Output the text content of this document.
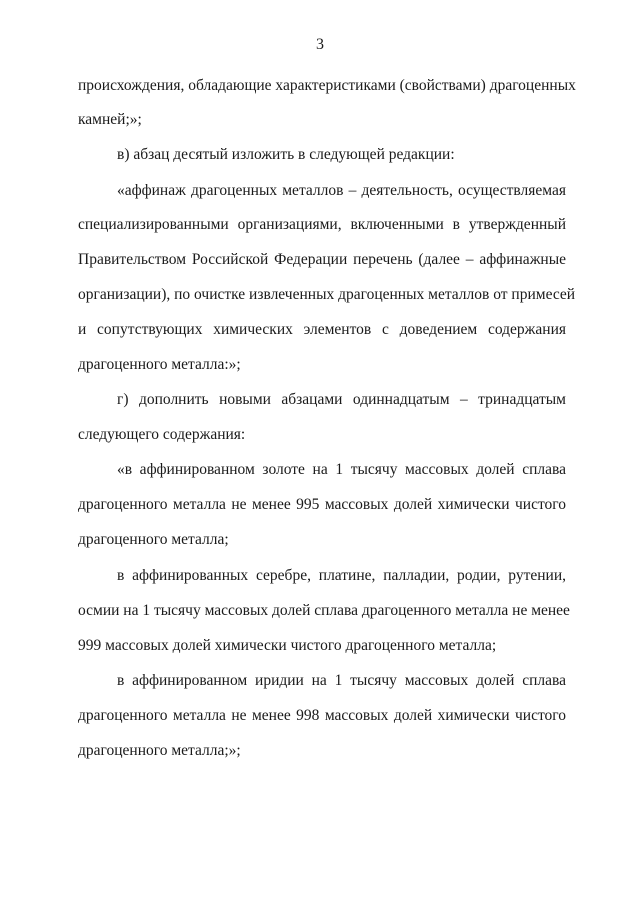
3
происхождения, обладающие характеристиками (свойствами) драгоценных
камней;»;
в) абзац десятый изложить в следующей редакции:
«аффинаж драгоценных металлов – деятельность, осуществляемая
специализированными организациями, включенными в утвержденный
Правительством Российской Федерации перечень (далее – аффинажные
организации), по очистке извлеченных драгоценных металлов от примесей
и сопутствующих химических элементов с доведением содержания
драгоценного металла:»;
г) дополнить новыми абзацами одиннадцатым – тринадцатым
следующего содержания:
«в аффинированном золоте на 1 тысячу массовых долей сплава
драгоценного металла не менее 995 массовых долей химически чистого
драгоценного металла;
в аффинированных серебре, платине, палладии, родии, рутении,
осмии на 1 тысячу массовых долей сплава драгоценного металла не менее
999 массовых долей химически чистого драгоценного металла;
в аффинированном иридии на 1 тысячу массовых долей сплава
драгоценного металла не менее 998 массовых долей химически чистого
драгоценного металла;»;
